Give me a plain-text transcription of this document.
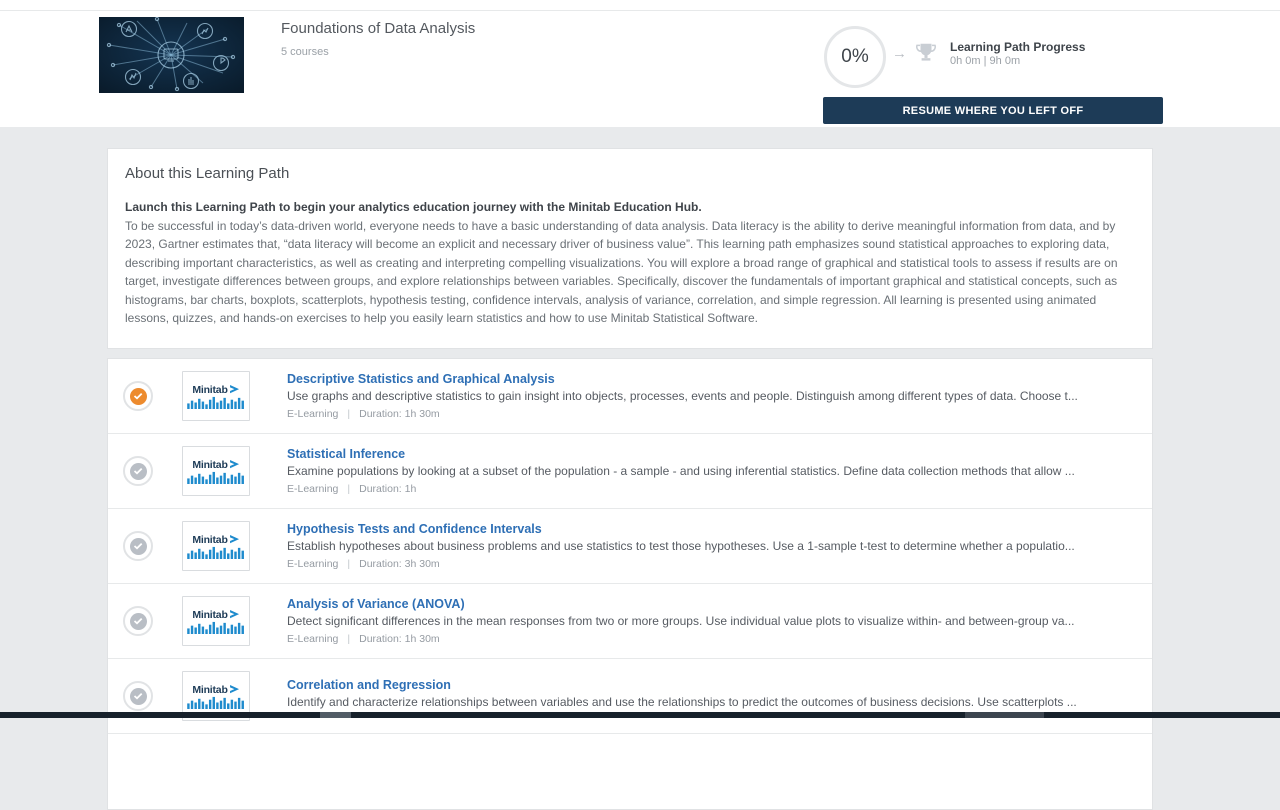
Foundations of Data Analysis
5 courses	0% →	Learning Path Progress
0h 0m | 9h 0m
RESUME WHERE YOU LEFT OFF
About this Learning Path

Launch this Learning Path to begin your analytics education journey with the Minitab Education Hub.

To be successful in today’s data-driven world, everyone needs to have a basic understanding of data analysis. Data literacy is the ability to derive meaningful information from data, and by 2023, Gartner estimates that, “data literacy will become an explicit and necessary driver of business value”. This learning path emphasizes sound statistical approaches to exploring data, describing important characteristics, as well as creating and interpreting compelling visualizations. You will explore a broad range of graphical and statistical tools to assess if results are on target, investigate differences between groups, and explore relationships between variables. Specifically, discover the fundamentals of important graphical and statistical concepts, such as histograms, bar charts, boxplots, scatterplots, hypothesis testing, confidence intervals, analysis of variance, correlation, and simple regression. All learning is presented using animated lessons, quizzes, and hands-on exercises to help you easily learn statistics and how to use Minitab Statistical Software.

Minitab
Descriptive Statistics and Graphical Analysis
Use graphs and descriptive statistics to gain insight into objects, processes, events and people. Distinguish among different types of data. Choose t...
E-Learning | Duration: 1h 30m
Minitab
Statistical Inference
Examine populations by looking at a subset of the population - a sample - and using inferential statistics. Define data collection methods that allow ...
E-Learning | Duration: 1h
Minitab
Hypothesis Tests and Confidence Intervals
Establish hypotheses about business problems and use statistics to test those hypotheses. Use a 1-sample t-test to determine whether a populatio...
E-Learning | Duration: 3h 30m
Minitab
Analysis of Variance (ANOVA)
Detect significant differences in the mean responses from two or more groups. Use individual value plots to visualize within- and between-group va...
E-Learning | Duration: 1h 30m
Minitab	Correlation and Regression
Identify and characterize relationships between variables and use the relationships to predict the outcomes of business decisions. Use scatterplots ...
